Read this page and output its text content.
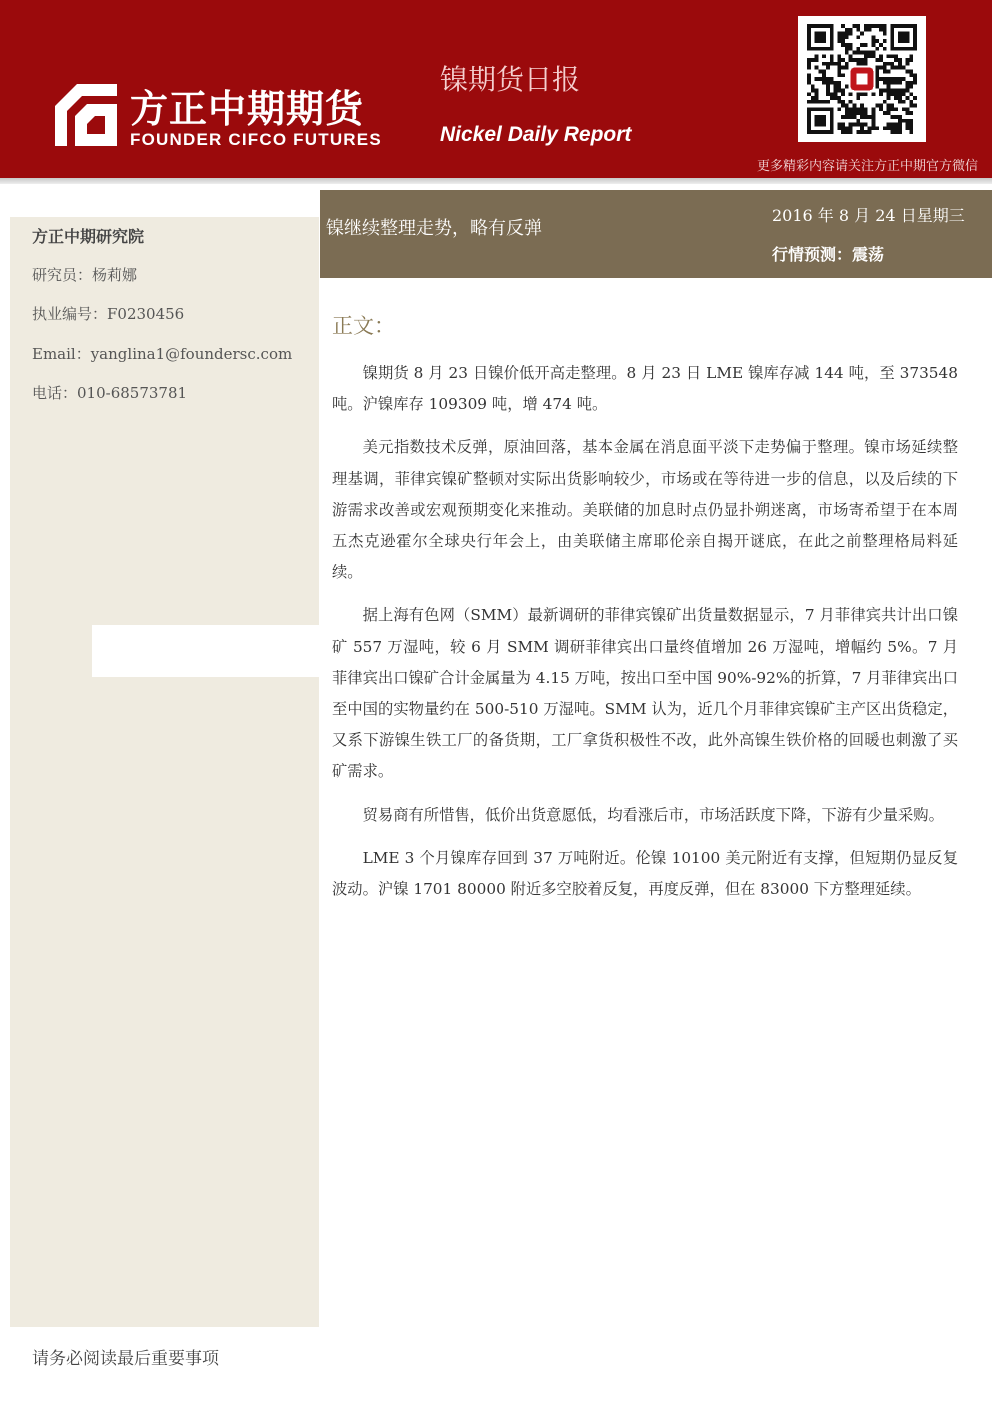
方正中期期货
FOUNDER CIFCO FUTURES
镍期货日报
Nickel Daily Report
更多精彩内容请关注方正中期官方微信
方正中期研究院
研究员：杨莉娜
执业编号：F0230456
Email：yanglina1@foundersc.com
电话：010-68573781
请务必阅读最后重要事项
镍继续整理走势，略有反弹
2016 年 8 月 24 日星期三
行情预测：震荡
正文：

镍期货 8 月 23 日镍价低开高走整理。8 月 23 日 LME 镍库存减 144 吨，至 373548 吨。沪镍库存 109309 吨，增 474 吨。

美元指数技术反弹，原油回落，基本金属在消息面平淡下走势偏于整理。镍市场延续整理基调，菲律宾镍矿整顿对实际出货影响较少，市场或在等待进一步的信息，以及后续的下游需求改善或宏观预期变化来推动。美联储的加息时点仍显扑朔迷离，市场寄希望于在本周五杰克逊霍尔全球央行年会上，由美联储主席耶伦亲自揭开谜底，在此之前整理格局料延续。

据上海有色网（SMM）最新调研的菲律宾镍矿出货量数据显示，7 月菲律宾共计出口镍矿 557 万湿吨，较 6 月 SMM 调研菲律宾出口量终值增加 26 万湿吨，增幅约 5%。7 月菲律宾出口镍矿合计金属量为 4.15 万吨，按出口至中国 90%-92%的折算，7 月菲律宾出口至中国的实物量约在 500-510 万湿吨。SMM 认为，近几个月菲律宾镍矿主产区出货稳定，又系下游镍生铁工厂的备货期，工厂拿货积极性不改，此外高镍生铁价格的回暖也刺激了买矿需求。

贸易商有所惜售，低价出货意愿低，均看涨后市，市场活跃度下降，下游有少量采购。

LME 3 个月镍库存回到 37 万吨附近。伦镍 10100 美元附近有支撑，但短期仍显反复波动。沪镍 1701 80000 附近多空胶着反复，再度反弹，但在 83000 下方整理延续。
